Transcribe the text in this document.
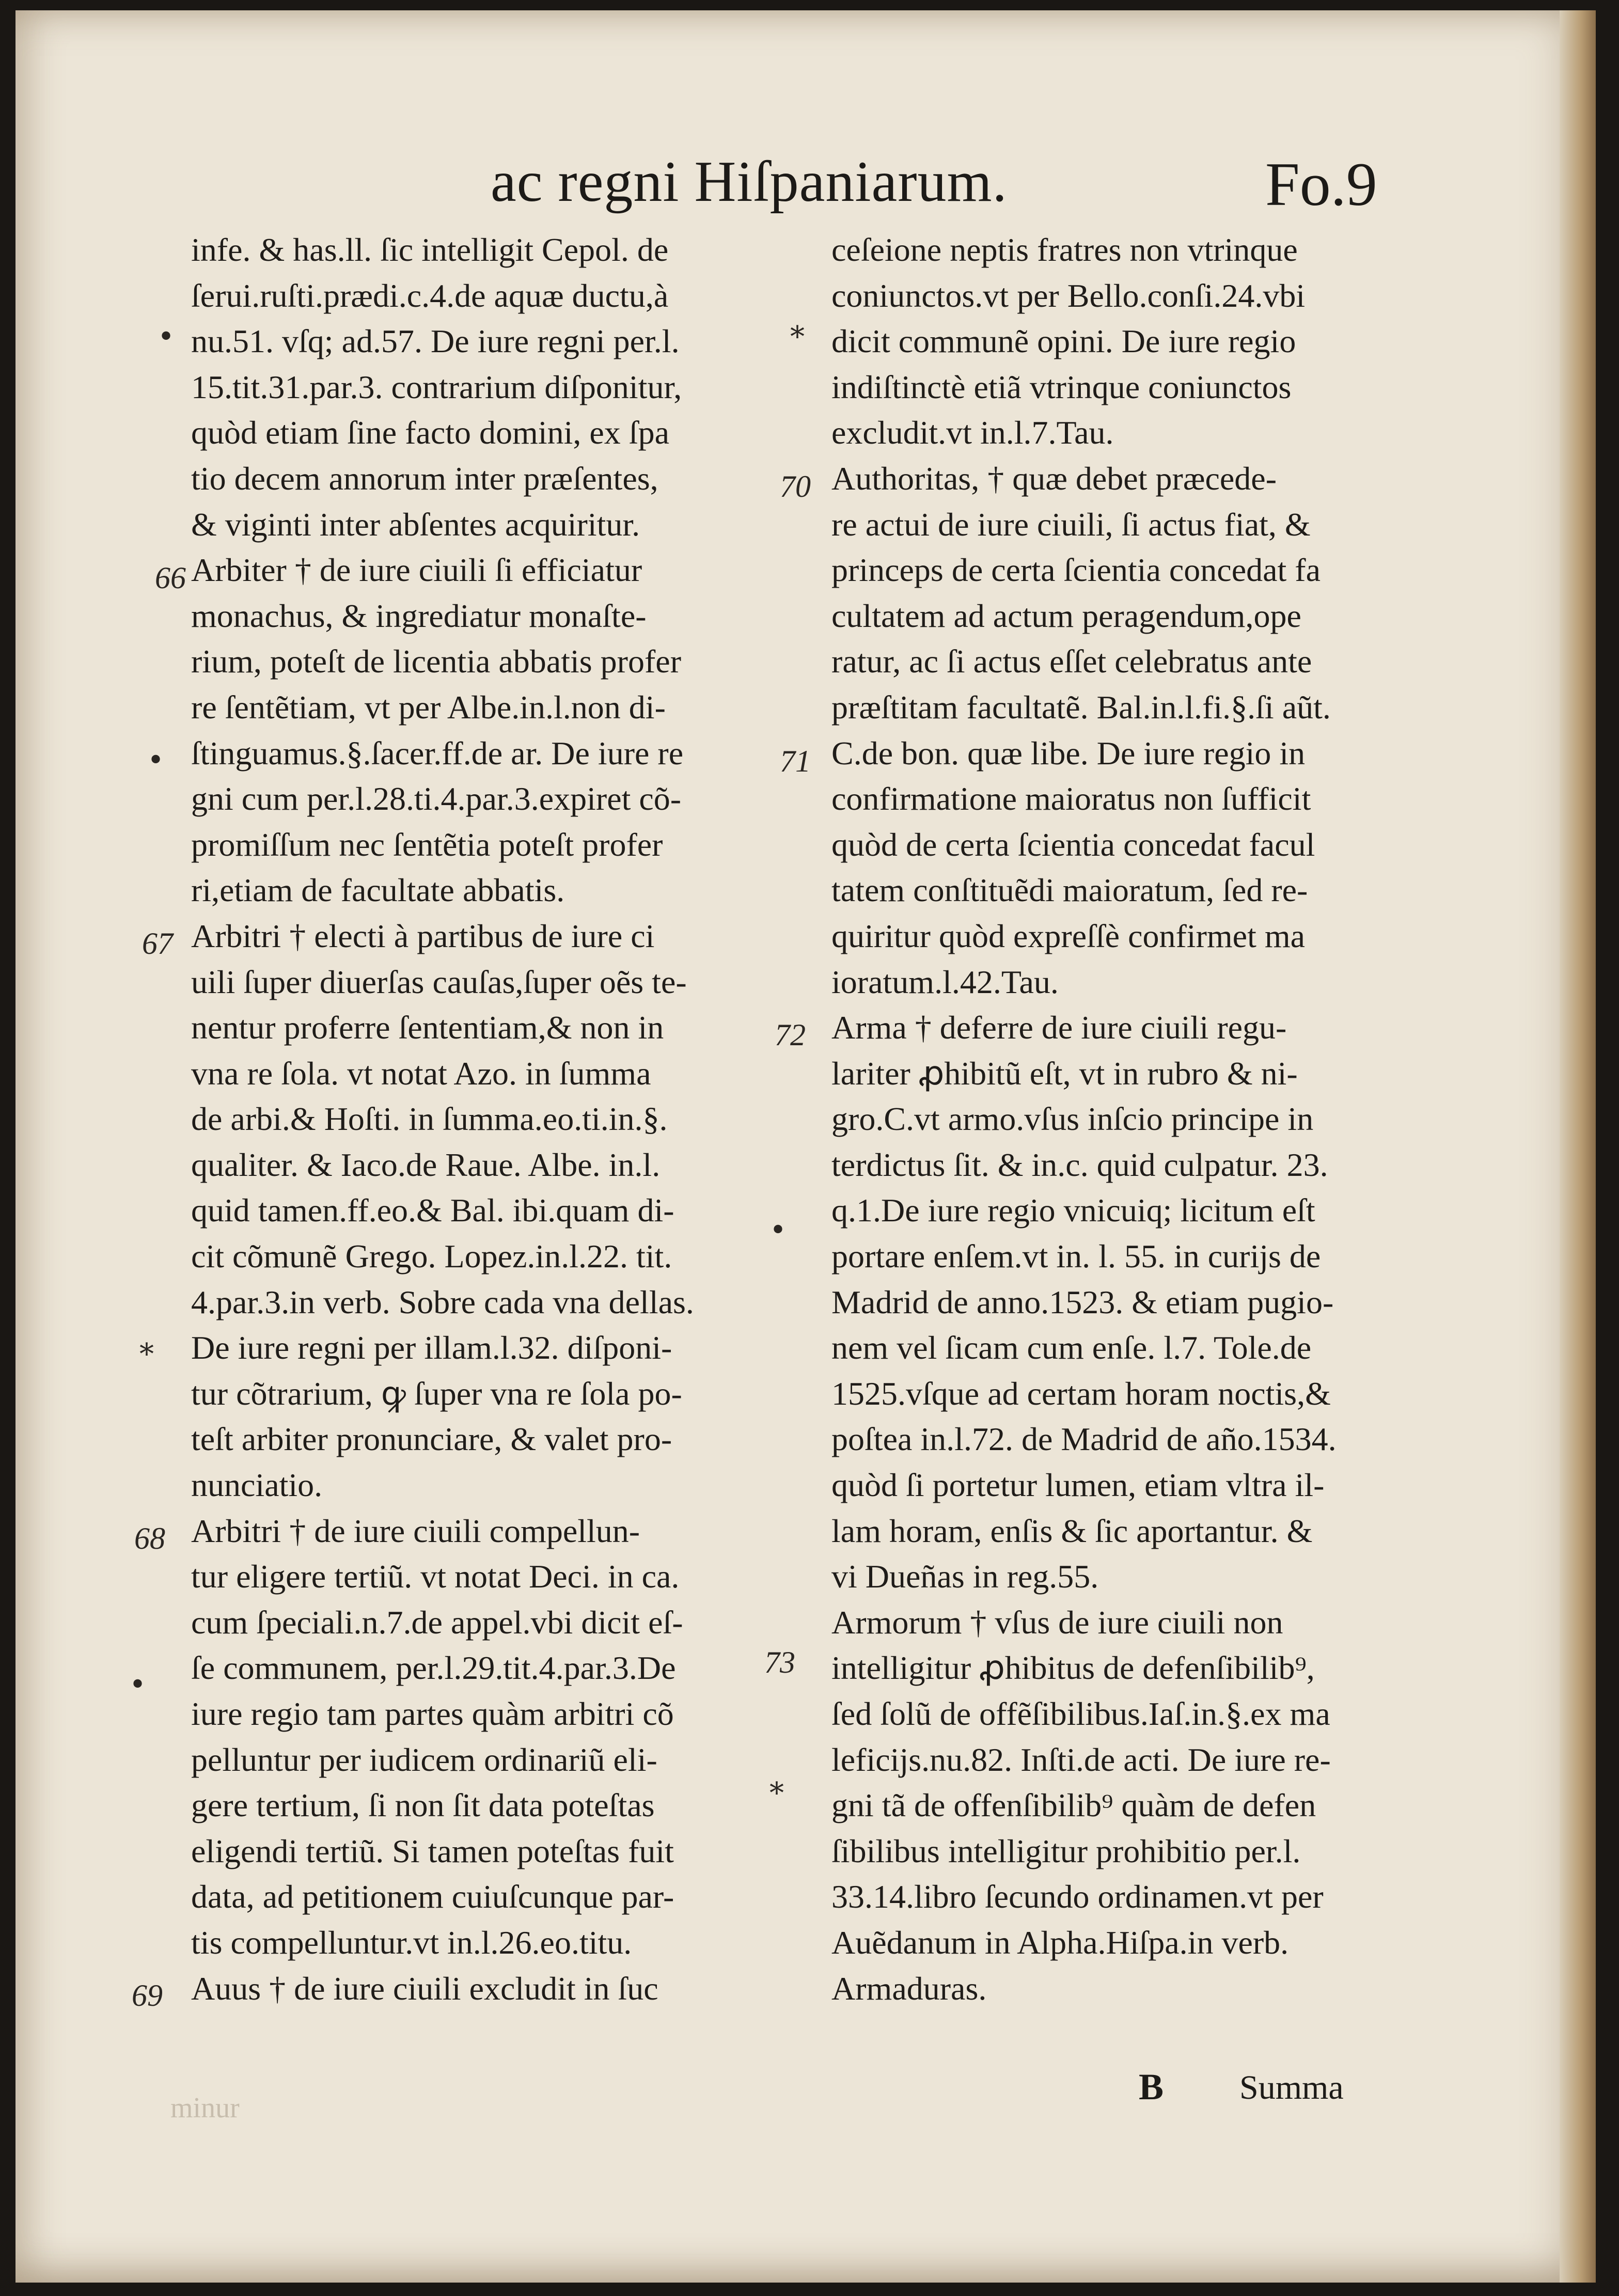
ac regni Hiſpaniarum.	Fo.9
infe. & has.ll. ſic intelligit Cepol. de
ſerui.ruſti.prædi.c.4.de aquæ ductu,à
nu.51. vſq; ad.57. De iure regni per.l.
15.tit.31.par.3. contrarium diſponitur,
quòd etiam ſine facto domini, ex ſpa
tio decem annorum inter præſentes,
& viginti inter abſentes acquiritur.
Arbiter † de iure ciuili ſi efficiatur
monachus, & ingrediatur monaſte-
rium, poteſt de licentia abbatis profer
re ſentẽtiam, vt per Albe.in.l.non di-
ſtinguamus.§.ſacer.ff.de ar. De iure re
gni cum per.l.28.ti.4.par.3.expiret cõ-
promiſſum nec ſentẽtia poteſt profer
ri,etiam de facultate abbatis.
Arbitri † electi à partibus de iure ci
uili ſuper diuerſas cauſas,ſuper oẽs te-
nentur proferre ſententiam,& non in
vna re ſola. vt notat Azo. in ſumma
de arbi.& Hoſti. in ſumma.eo.ti.in.§.
qualiter. & Iaco.de Raue. Albe. in.l.
quid tamen.ff.eo.& Bal. ibi.quam di-
cit cõmunẽ Grego. Lopez.in.l.22. tit.
4.par.3.in verb. Sobre cada vna dellas.
De iure regni per illam.l.32. diſponi-
tur cõtrarium, ꝙ ſuper vna re ſola po-
teſt arbiter pronunciare, & valet pro-
nunciatio.
Arbitri † de iure ciuili compellun-
tur eligere tertiũ. vt notat Deci. in ca.
cum ſpeciali.n.7.de appel.vbi dicit eſ-
ſe communem, per.l.29.tit.4.par.3.De
iure regio tam partes quàm arbitri cõ
pelluntur per iudicem ordinariũ eli-
gere tertium, ſi non ſit data poteſtas
eligendi tertiũ. Si tamen poteſtas fuit
data, ad petitionem cuiuſcunque par-
tis compelluntur.vt in.l.26.eo.titu.
Auus † de iure ciuili excludit in ſuc
ceſeione neptis fratres non vtrinque
coniunctos.vt per Bello.conſi.24.vbi
dicit communẽ opini. De iure regio
indiſtinctè etiã vtrinque coniunctos
excludit.vt in.l.7.Tau.
Authoritas, † quæ debet præcede-
re actui de iure ciuili, ſi actus fiat, &
princeps de certa ſcientia concedat fa
cultatem ad actum peragendum,ope
ratur, ac ſi actus eſſet celebratus ante
præſtitam facultatẽ. Bal.in.l.fi.§.ſi aũt.
C.de bon. quæ libe. De iure regio in
confirmatione maioratus non ſufficit
quòd de certa ſcientia concedat facul
tatem conſtituẽdi maioratum, ſed re-
quiritur quòd expreſſè confirmet ma
ioratum.l.42.Tau.
Arma † deferre de iure ciuili regu-
lariter ꝓhibitũ eſt, vt in rubro & ni-
gro.C.vt armo.vſus inſcio principe in
terdictus ſit. & in.c. quid culpatur. 23.
q.1.De iure regio vnicuiq; licitum eſt
portare enſem.vt in. l. 55. in curijs de
Madrid de anno.1523. & etiam pugio-
nem vel ſicam cum enſe. l.7. Tole.de
1525.vſque ad certam horam noctis,&
poſtea in.l.72. de Madrid de año.1534.
quòd ſi portetur lumen, etiam vltra il-
lam horam, enſis & ſic aportantur. &
vi Dueñas in reg.55.
Armorum † vſus de iure ciuili non
intelligitur ꝓhibitus de defenſibilib⁹,
ſed ſolũ de offẽſibilibus.Iaſ.in.§.ex ma
leficijs.nu.82. Inſti.de acti. De iure re-
gni tã de offenſibilib⁹ quàm de defen
ſibilibus intelligitur prohibitio per.l.
33.14.libro ſecundo ordinamen.vt per
Auẽdanum in Alpha.Hiſpa.in verb.
Armaduras.
66
67
68
69
70
71
72
73
•	*
•
*
•
•
*
B Summa
minur
